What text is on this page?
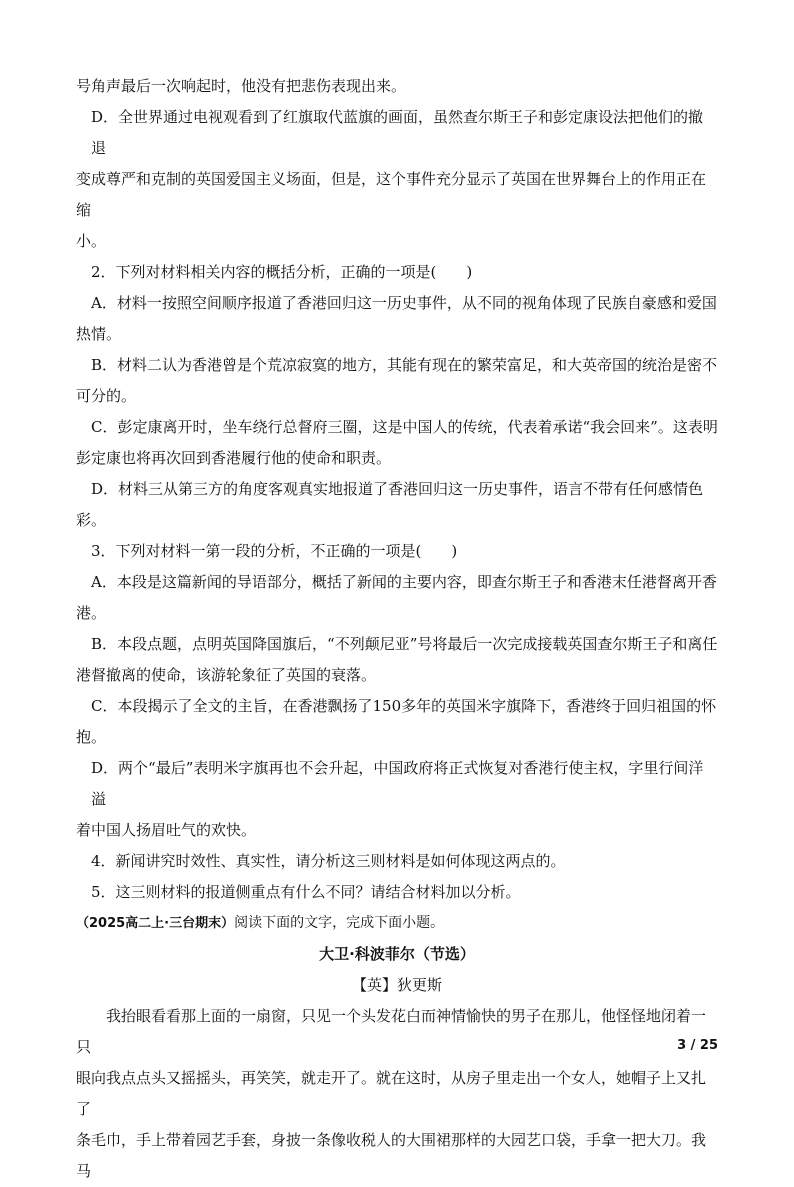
号角声最后一次响起时，他没有把悲伤表现出来。

D．全世界通过电视观看到了红旗取代蓝旗的画面，虽然查尔斯王子和彭定康设法把他们的撤退

变成尊严和克制的英国爱国主义场面，但是，这个事件充分显示了英国在世界舞台上的作用正在缩

小。

2．下列对材料相关内容的概括分析，正确的一项是(　　)

A．材料一按照空间顺序报道了香港回归这一历史事件，从不同的视角体现了民族自豪感和爱国

热情。

B．材料二认为香港曾是个荒凉寂寞的地方，其能有现在的繁荣富足，和大英帝国的统治是密不

可分的。

C．彭定康离开时，坐车绕行总督府三圈，这是中国人的传统，代表着承诺“我会回来”。这表明

彭定康也将再次回到香港履行他的使命和职责。

D．材料三从第三方的角度客观真实地报道了香港回归这一历史事件，语言不带有任何感情色

彩。

3．下列对材料一第一段的分析，不正确的一项是(　　)

A．本段是这篇新闻的导语部分，概括了新闻的主要内容，即查尔斯王子和香港末任港督离开香

港。

B．本段点题，点明英国降国旗后，“不列颠尼亚”号将最后一次完成接载英国查尔斯王子和离任

港督撤离的使命，该游轮象征了英国的衰落。

C．本段揭示了全文的主旨，在香港飘扬了150多年的英国米字旗降下，香港终于回归祖国的怀

抱。

D．两个“最后”表明米字旗再也不会升起，中国政府将正式恢复对香港行使主权，字里行间洋溢

着中国人扬眉吐气的欢快。

4．新闻讲究时效性、真实性，请分析这三则材料是如何体现这两点的。

5．这三则材料的报道侧重点有什么不同？请结合材料加以分析。

（2025高二上·三台期末）阅读下面的文字，完成下面小题。

大卫·科波菲尔（节选）

【英】狄更斯

我抬眼看看那上面的一扇窗，只见一个头发花白而神情愉快的男子在那儿，他怪怪地闭着一只

眼向我点点头又摇摇头，再笑笑，就走开了。就在这时，从房子里走出一个女人，她帽子上又扎了

条毛巾，手上带着园艺手套，身披一条像收税人的大围裙那样的大园艺口袋，手拿一把大刀。我马

3 / 25
